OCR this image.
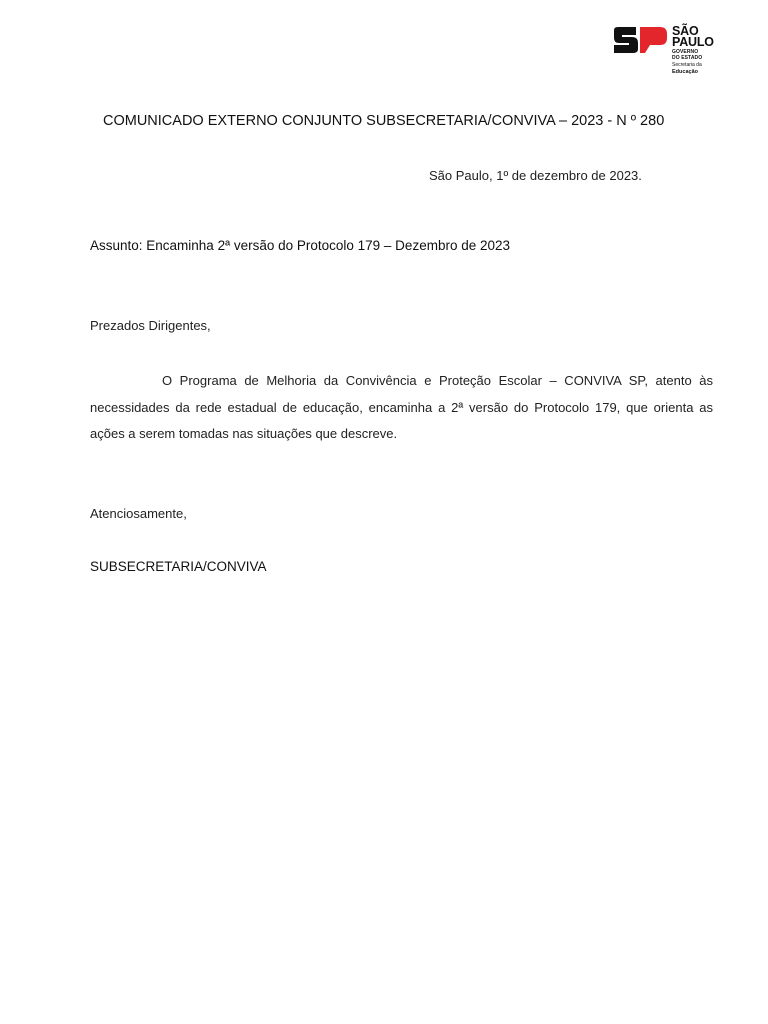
SÃO
PAULO
GOVERNO
DO ESTADO
Secretaria da
Educação
COMUNICADO EXTERNO CONJUNTO SUBSECRETARIA/CONVIVA – 2023 - N º 280
São Paulo, 1º de dezembro de 2023.
Assunto: Encaminha 2ª versão do Protocolo 179 – Dezembro de 2023
Prezados Dirigentes,
O Programa de Melhoria da Convivência e Proteção Escolar – CONVIVA SP, atento às necessidades da rede estadual de educação, encaminha a 2ª versão do Protocolo 179, que orienta as ações a serem tomadas nas situações que descreve.
Atenciosamente,
SUBSECRETARIA/CONVIVA
